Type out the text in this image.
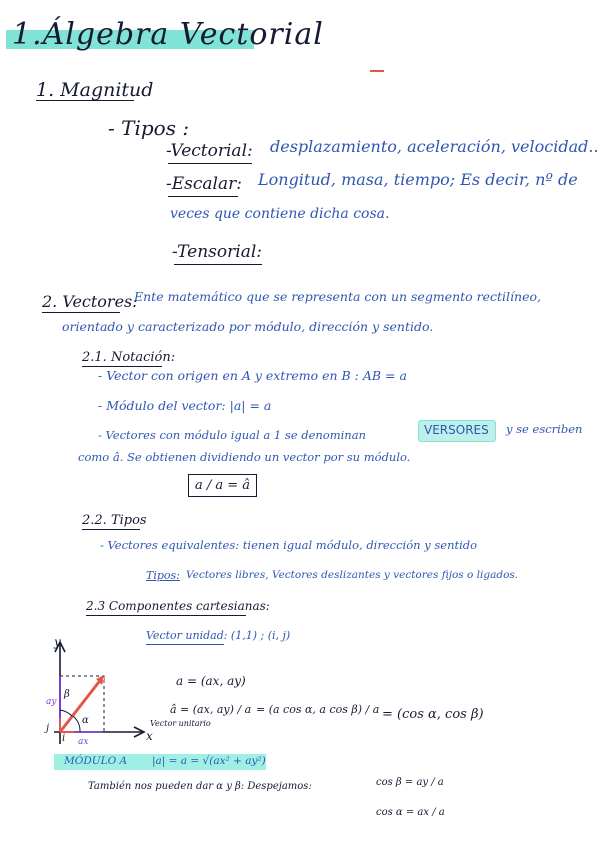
1.Álgebra Vectorial
1. Magnitud
- Tipos :
-Vectorial: desplazamiento, aceleración, velocidad..
-Escalar: Longitud, masa, tiempo; Es decir, nº de
veces que contiene dicha cosa.
-Tensorial:
2. Vectores:
Ente matemático que se representa con un segmento rectilíneo,
orientado y caracterizado por módulo, dirección y sentido.
2.1. Notación:
- Vector con origen en A y extremo en B : AB = a
- Módulo del vector: |a| = a
- Vectores con módulo igual a 1 se denominan	VERSORES y se escriben
como â. Se obtienen dividiendo un vector por su módulo.
a / a = â
2.2. Tipos
- Vectores equivalentes: tienen igual módulo, dirección y sentido
Tipos: Vectores libres, Vectores deslizantes y vectores fijos o ligados.
2.3 Componentes cartesianas:
Vector unidad: (1,1) ; (i, j)
y
x
j
i
ay
ax
β
α
a	a = (ax, ay)
â = (ax, ay) / a
Vector unitario
= (a cos α, a cos β) / a = (cos α, cos β)
MÓDULO A |a| = a = √(ax² + ay²)
También nos pueden dar α y β: Despejamos:	cos β = ay / a
cos α = ax / a
